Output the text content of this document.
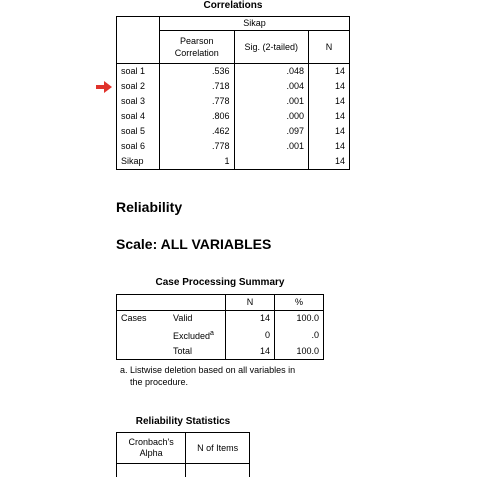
Correlations
	Sikap		

	Pearson
Correlation	Sig. (2-tailed)	N
soal 1	.536	.048	14
soal 2	.718	.004	14
soal 3	.778	.001	14
soal 4	.806	.000	14
soal 5	.462	.097	14
soal 6	.778	.001	14
Sikap	1		14
Reliability
Scale: ALL VARIABLES
Case Processing Summary
		N	%
Cases	Valid	14	100.0
	Excluded$^a$	0	.0
	Total	14	100.0
a. Listwise deletion based on all variables in
the procedure.
Reliability Statistics
Cronbach's
Alpha	N of Items
